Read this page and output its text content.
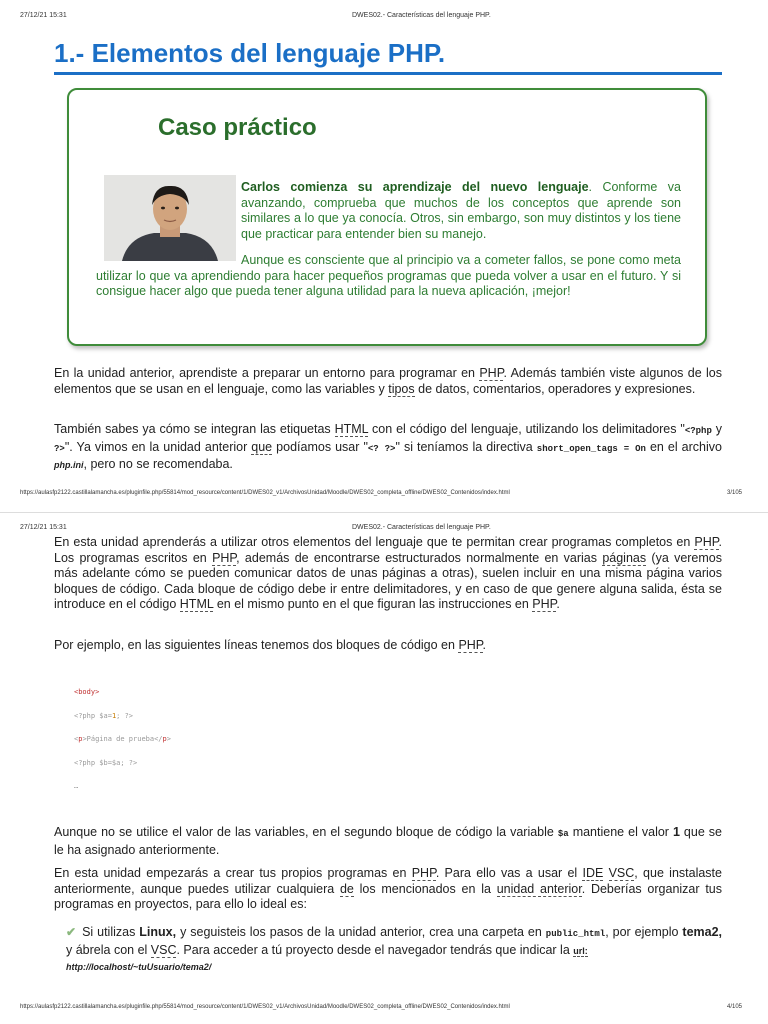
27/12/21 15:31	DWES02.- Características del lenguaje PHP.
1.- Elementos del lenguaje PHP.
Caso práctico
Carlos comienza su aprendizaje del nuevo lenguaje. Conforme va avanzando, comprueba que muchos de los conceptos que aprende son similares a lo que ya conocía. Otros, sin embargo, son muy distintos y los tiene que practicar para entender bien su manejo.
Aunque es consciente que al principio va a cometer fallos, se pone como meta utilizar lo que va aprendiendo para hacer pequeños programas que pueda volver a usar en el futuro. Y si consigue hacer algo que pueda tener alguna utilidad para la nueva aplicación, ¡mejor!

En la unidad anterior, aprendiste a preparar un entorno para programar en PHP. Además también viste algunos de los elementos que se usan en el lenguaje, como las variables y tipos de datos, comentarios, operadores y expresiones.

También sabes ya cómo se integran las etiquetas HTML con el código del lenguaje, utilizando los delimitadores "<?php y ?>". Ya vimos en la unidad anterior que podíamos usar "<? ?>" si teníamos la directiva short_open_tags = On en el archivo php.ini, pero no se recomendaba.

https://aulasfp2122.castillalamancha.es/pluginfile.php/55814/mod_resource/content/1/DWES02_v1/ArchivosUnidad/Moodle/DWES02_completa_offline/DWES02_Contenidos/index.html	3/105
27/12/21 15:31	DWES02.- Características del lenguaje PHP.

En esta unidad aprenderás a utilizar otros elementos del lenguaje que te permitan crear programas completos en PHP. Los programas escritos en PHP, además de encontrarse estructurados normalmente en varias páginas (ya veremos más adelante cómo se pueden comunicar datos de unas páginas a otras), suelen incluir en una misma página varios bloques de código. Cada bloque de código debe ir entre delimitadores, y en caso de que genere alguna salida, ésta se introduce en el código HTML en el mismo punto en el que figuran las instrucciones en PHP.

Por ejemplo, en las siguientes líneas tenemos dos bloques de código en PHP.

<body>
<?php $a=1; ?>
<p>Página de prueba</p>
<?php $b=$a; ?>
…

Aunque no se utilice el valor de las variables, en el segundo bloque de código la variable $a mantiene el valor 1 que se le ha asignado anteriormente.

En esta unidad empezarás a crear tus propios programas en PHP. Para ello vas a usar el IDE VSC, que instalaste anteriormente, aunque puedes utilizar cualquiera de los mencionados en la unidad anterior. Deberías organizar tus programas en proyectos, para ello lo ideal es:

✔ Si utilizas Linux, y seguisteis los pasos de la unidad anterior, crea una carpeta en public_html, por ejemplo tema2, y ábrela con el VSC. Para acceder a tú proyecto desde el navegador tendrás que indicar la url:
http://localhost/~tuUsuario/tema2/

https://aulasfp2122.castillalamancha.es/pluginfile.php/55814/mod_resource/content/1/DWES02_v1/ArchivosUnidad/Moodle/DWES02_completa_offline/DWES02_Contenidos/index.html	4/105
